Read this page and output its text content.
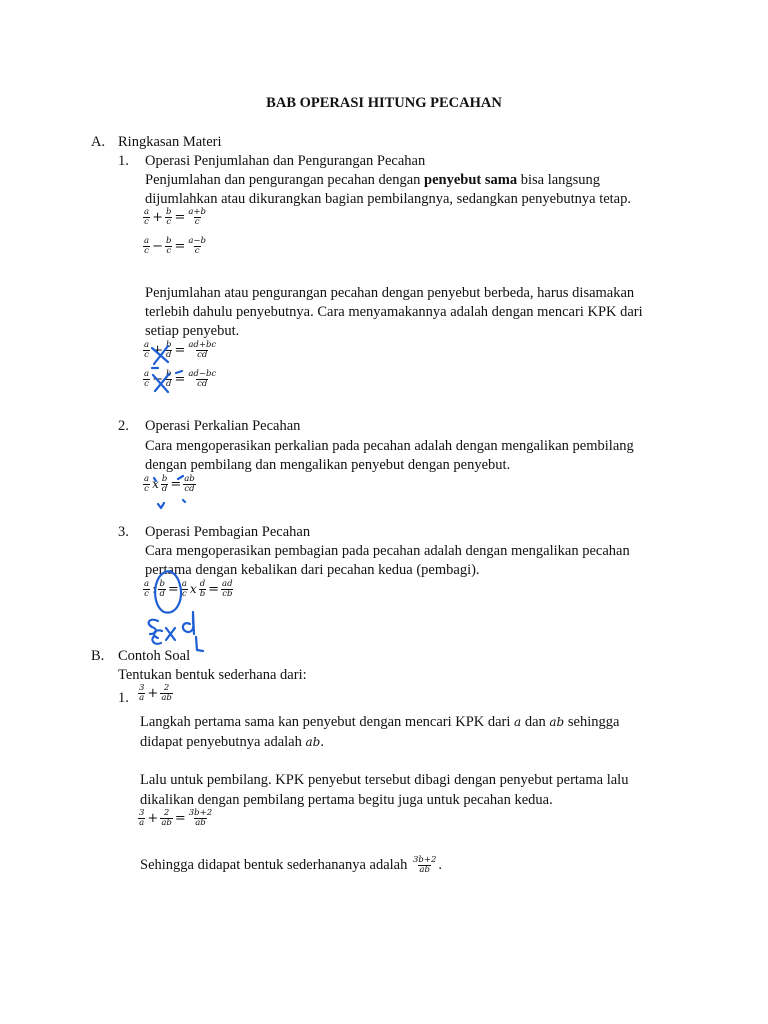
BAB OPERASI HITUNG PECAHAN
A. Ringkasan Materi
1. Operasi Penjumlahan dan Pengurangan Pecahan
Penjumlahan dan pengurangan pecahan dengan penyebut sama bisa langsung
dijumlahkan atau dikurangkan bagian pembilangnya, sedangkan penyebutnya tetap.
$\frac{a}{c} + \frac{b}{c} = \frac{a+b}{c}$
$\frac{a}{c} - \frac{b}{c} = \frac{a-b}{c}$
Penjumlahan atau pengurangan pecahan dengan penyebut berbeda, harus disamakan
terlebih dahulu penyebutnya. Cara menyamakannya adalah dengan mencari KPK dari
setiap penyebut.
$\frac{a}{c} + \frac{b}{d} = \frac{ad+bc}{cd}$
$\frac{a}{c} - \frac{b}{d} = \frac{ad-bc}{cd}$
2. Operasi Perkalian Pecahan
Cara mengoperasikan perkalian pada pecahan adalah dengan mengalikan pembilang
dengan pembilang dan mengalikan penyebut dengan penyebut.
$\frac{a}{c}$ x $\frac{b}{d} = \frac{ab}{cd}$
3. Operasi Pembagian Pecahan
Cara mengoperasikan pembagian pada pecahan adalah dengan mengalikan pecahan
pertama dengan kebalikan dari pecahan kedua (pembagi).
$\frac{a}{c}$ : $\frac{b}{d} = \frac{a}{c}$ x $\frac{d}{b} = \frac{ad}{cb}$
B. Contoh Soal
Tentukan bentuk sederhana dari:
1. $\frac{3}{a} + \frac{2}{ab}$
Langkah pertama sama kan penyebut dengan mencari KPK dari a dan ab sehingga
didapat penyebutnya adalah ab.
Lalu untuk pembilang. KPK penyebut tersebut dibagi dengan penyebut pertama lalu
dikalikan dengan pembilang pertama begitu juga untuk pecahan kedua.
$\frac{3}{a} + \frac{2}{ab} = \frac{3b+2}{ab}$
Sehingga didapat bentuk sederhananya adalah $\frac{3b+2}{ab}$ .
